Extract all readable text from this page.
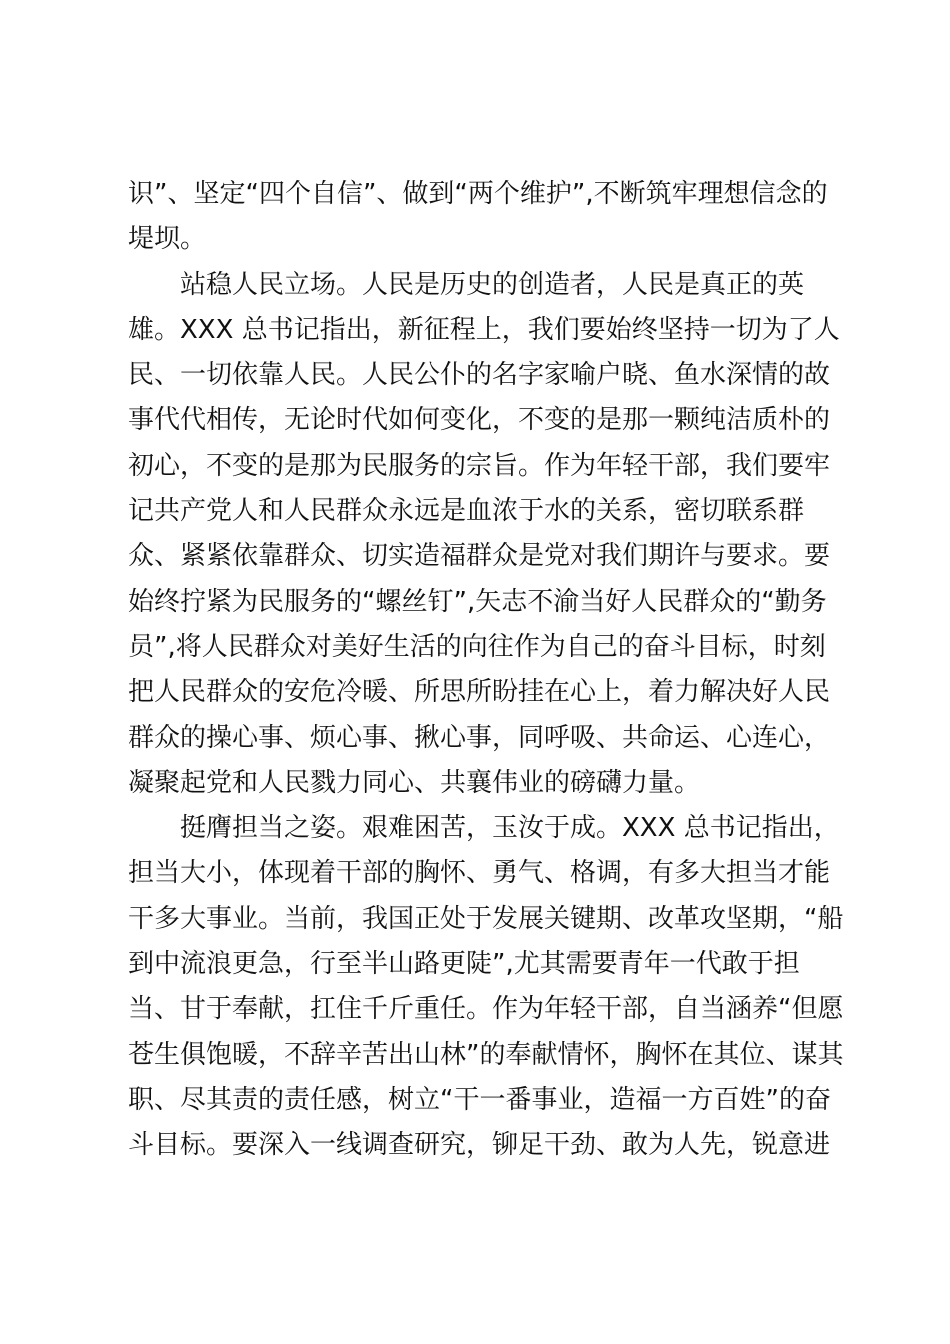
识”、坚定“四个自信”、做到“两个维护”,不断筑牢理想信念的
堤坝。
站稳人民立场。人民是历史的创造者，人民是真正的英
雄。XXX 总书记指出，新征程上，我们要始终坚持一切为了人
民、一切依靠人民。人民公仆的名字家喻户晓、鱼水深情的故
事代代相传，无论时代如何变化，不变的是那一颗纯洁质朴的
初心，不变的是那为民服务的宗旨。作为年轻干部，我们要牢
记共产党人和人民群众永远是血浓于水的关系，密切联系群
众、紧紧依靠群众、切实造福群众是党对我们期许与要求。要
始终拧紧为民服务的“螺丝钉”,矢志不渝当好人民群众的“勤务
员”,将人民群众对美好生活的向往作为自己的奋斗目标，时刻
把人民群众的安危冷暖、所思所盼挂在心上，着力解决好人民
群众的操心事、烦心事、揪心事，同呼吸、共命运、心连心，
凝聚起党和人民戮力同心、共襄伟业的磅礴力量。
挺膺担当之姿。艰难困苦，玉汝于成。XXX 总书记指出，
担当大小，体现着干部的胸怀、勇气、格调，有多大担当才能
干多大事业。当前，我国正处于发展关键期、改革攻坚期，“船
到中流浪更急，行至半山路更陡”,尤其需要青年一代敢于担
当、甘于奉献，扛住千斤重任。作为年轻干部，自当涵养“但愿
苍生俱饱暖，不辞辛苦出山林”的奉献情怀，胸怀在其位、谋其
职、尽其责的责任感，树立“干一番事业，造福一方百姓”的奋
斗目标。要深入一线调查研究，铆足干劲、敢为人先，锐意进
